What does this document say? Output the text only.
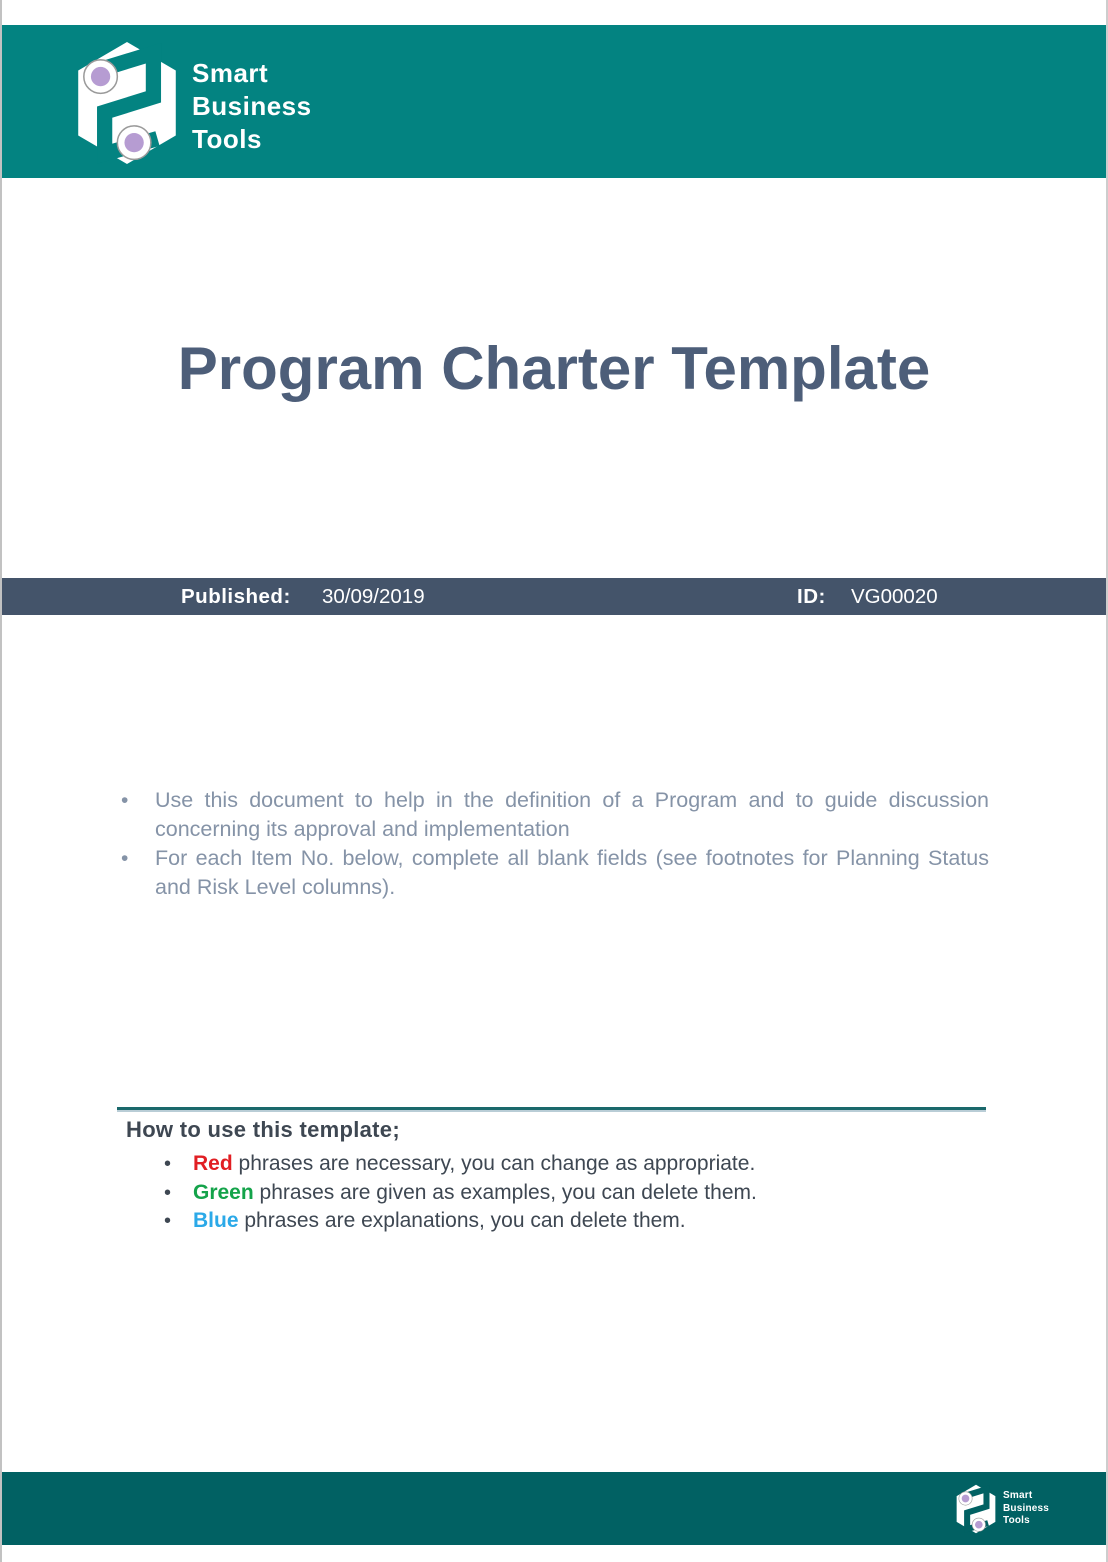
Smart
Business
Tools
Program Charter Template
Published: 30/09/2019	ID: VG00020
• Use this document to help in the definition of a Program and to guide discussion concerning its approval and implementation
• For each Item No. below, complete all blank fields (see footnotes for Planning Status and Risk Level columns).
How to use this template;
• Red phrases are necessary, you can change as appropriate.
• Green phrases are given as examples, you can delete them.
• Blue phrases are explanations, you can delete them.
Smart
Business
Tools
